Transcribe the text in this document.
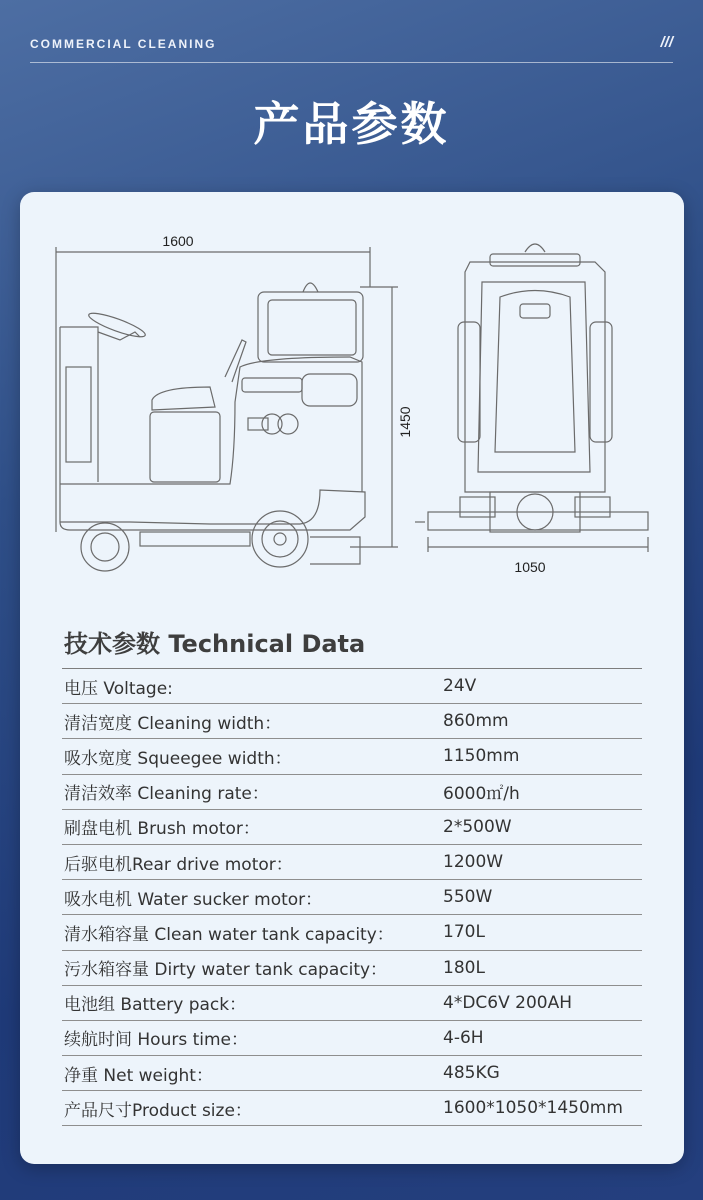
COMMERCIAL CLEANING	///
产品参数
1600
1450
1050
技术参数 Technical Data
电压 Voltage:	24V
清洁宽度 Cleaning width：	860mm
吸水宽度 Squeegee width：	1150mm
清洁效率 Cleaning rate：	6000㎡/h
刷盘电机 Brush motor：	2*500W
后驱电机Rear drive motor：	1200W
吸水电机 Water sucker motor：	550W
清水箱容量 Clean water tank capacity：	170L
污水箱容量 Dirty water tank capacity：	180L
电池组 Battery pack：	4*DC6V 200AH
续航时间 Hours time：	4-6H
净重 Net weight：	485KG
产品尺寸Product size：	1600*1050*1450mm
